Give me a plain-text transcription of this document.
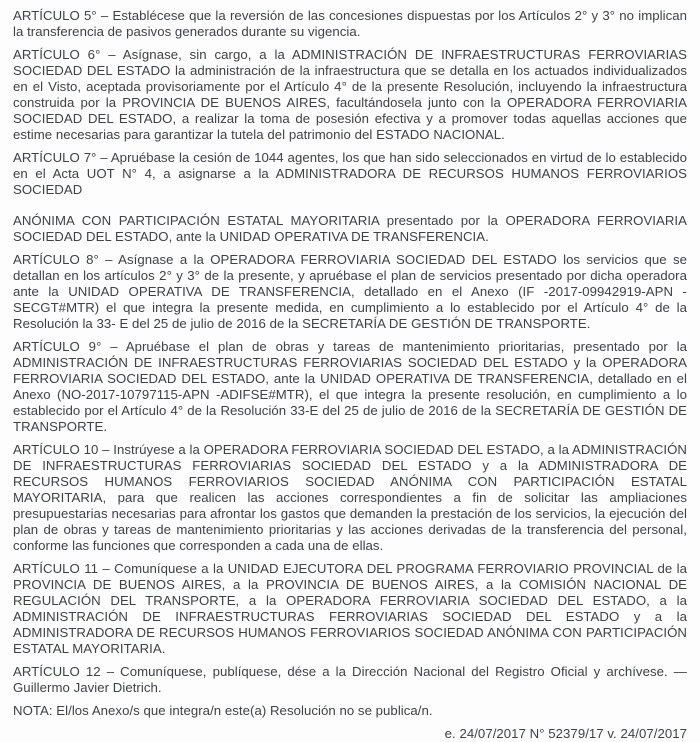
ARTÍCULO 5° – Establécese que la reversión de las concesiones dispuestas por los Artículos 2° y 3° no implican la transferencia de pasivos generados durante su vigencia.

ARTÍCULO 6° – Asígnase, sin cargo, a la ADMINISTRACIÓN DE INFRAESTRUCTURAS FERROVIARIAS SOCIEDAD DEL ESTADO la administración de la infraestructura que se detalla en los actuados individualizados en el Visto, aceptada provisoriamente por el Artículo 4° de la presente Resolución, incluyendo la infraestructura construida por la PROVINCIA DE BUENOS AIRES, facultándosela junto con la OPERADORA FERROVIARIA SOCIEDAD DEL ESTADO, a realizar la toma de posesión efectiva y a promover todas aquellas acciones que estime necesarias para garantizar la tutela del patrimonio del ESTADO NACIONAL.

ARTÍCULO 7° – Apruébase la cesión de 1044 agentes, los que han sido seleccionados en virtud de lo establecido en el Acta UOT N° 4, a asignarse a la ADMINISTRADORA DE RECURSOS HUMANOS FERROVIARIOS SOCIEDAD

ANÓNIMA CON PARTICIPACIÓN ESTATAL MAYORITARIA presentado por la OPERADORA FERROVIARIA SOCIEDAD DEL ESTADO, ante la UNIDAD OPERATIVA DE TRANSFERENCIA.

ARTÍCULO 8° – Asígnase a la OPERADORA FERROVIARIA SOCIEDAD DEL ESTADO los servicios que se detallan en los artículos 2° y 3° de la presente, y apruébase el plan de servicios presentado por dicha operadora ante la UNIDAD OPERATIVA DE TRANSFERENCIA, detallado en el Anexo (IF -2017-09942919-APN -SECGT#MTR) el que integra la presente medida, en cumplimiento a lo establecido por el Artículo 4° de la Resolución la 33- E del 25 de julio de 2016 de la SECRETARÍA DE GESTIÓN DE TRANSPORTE.

ARTÍCULO 9° – Apruébase el plan de obras y tareas de mantenimiento prioritarias, presentado por la ADMINISTRACIÓN DE INFRAESTRUCTURAS FERROVIARIAS SOCIEDAD DEL ESTADO y la OPERADORA FERROVIARIA SOCIEDAD DEL ESTADO, ante la UNIDAD OPERATIVA DE TRANSFERENCIA, detallado en el Anexo (NO-2017-10797115-APN -ADIFSE#MTR), el que integra la presente resolución, en cumplimiento a lo establecido por el Artículo 4° de la Resolución 33-E del 25 de julio de 2016 de la SECRETARÍA DE GESTIÓN DE TRANSPORTE.

ARTÍCULO 10 – Instrúyese a la OPERADORA FERROVIARIA SOCIEDAD DEL ESTADO, a la ADMINISTRACIÓN DE INFRAESTRUCTURAS FERROVIARIAS SOCIEDAD DEL ESTADO y a la ADMINISTRADORA DE RECURSOS HUMANOS FERROVIARIOS SOCIEDAD ANÓNIMA CON PARTICIPACIÓN ESTATAL MAYORITARIA, para que realicen las acciones correspondientes a fin de solicitar las ampliaciones presupuestarias necesarias para afrontar los gastos que demanden la prestación de los servicios, la ejecución del plan de obras y tareas de mantenimiento prioritarias y las acciones derivadas de la transferencia del personal, conforme las funciones que corresponden a cada una de ellas.

ARTÍCULO 11 – Comuníquese a la UNIDAD EJECUTORA DEL PROGRAMA FERROVIARIO PROVINCIAL de la PROVINCIA DE BUENOS AIRES, a la PROVINCIA DE BUENOS AIRES, a la COMISIÓN NACIONAL DE REGULACIÓN DEL TRANSPORTE, a la OPERADORA FERROVIARIA SOCIEDAD DEL ESTADO, a la ADMINISTRACIÓN DE INFRAESTRUCTURAS FERROVIARIAS SOCIEDAD DEL ESTADO y a la ADMINISTRADORA DE RECURSOS HUMANOS FERROVIARIOS SOCIEDAD ANÓNIMA CON PARTICIPACIÓN ESTATAL MAYORITARIA.

ARTÍCULO 12 – Comuníquese, publíquese, dése a la Dirección Nacional del Registro Oficial y archívese. — Guillermo Javier Dietrich.

NOTA: El/los Anexo/s que integra/n este(a) Resolución no se publica/n.

e. 24/07/2017 N° 52379/17 v. 24/07/2017
